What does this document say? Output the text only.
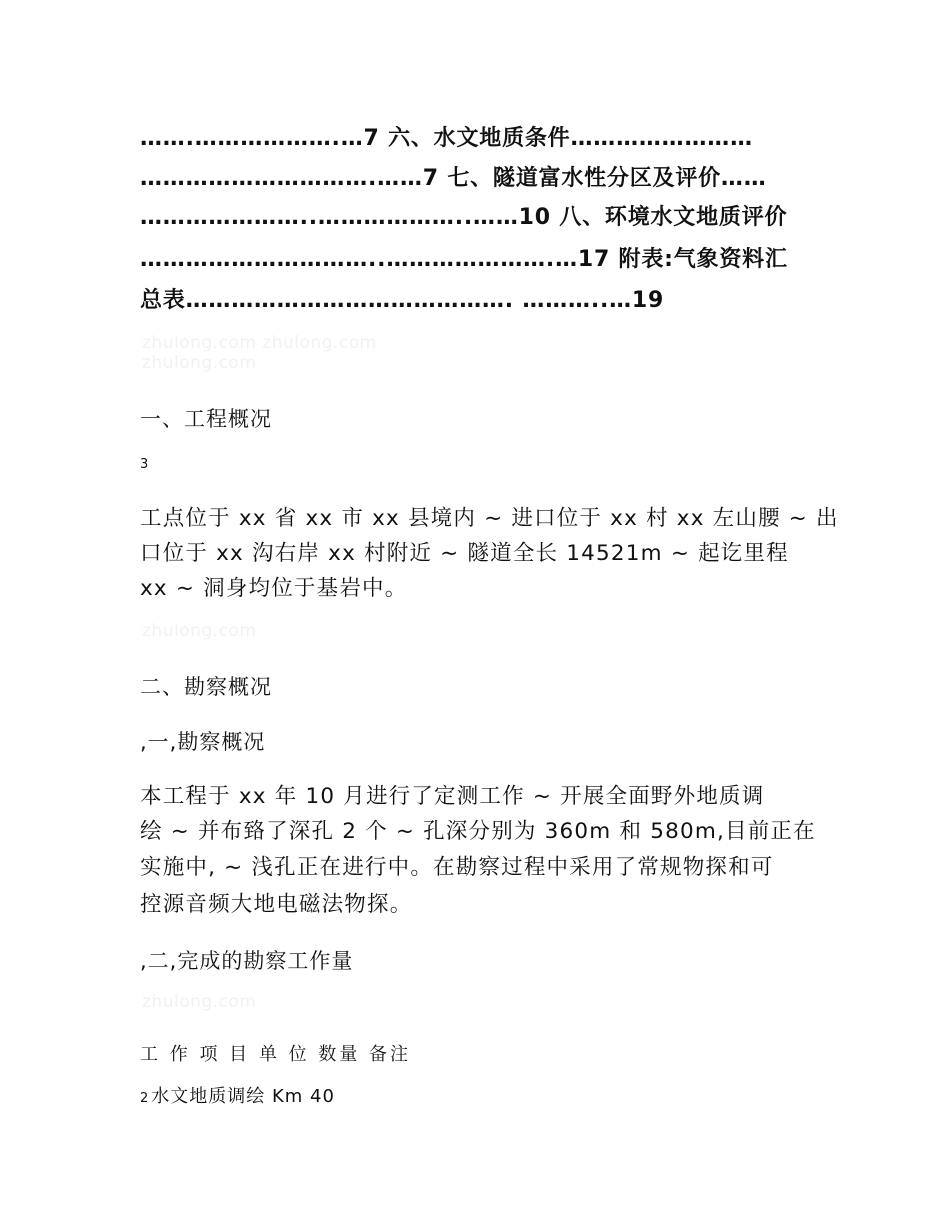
…….……………….…7 六、水文地质条件……………………
………………………….……7 七、隧道富水性分区及评价……
…………………..………………..……10 八、环境水文地质评价
…………………………..………………….…17 附表:气象资料汇
总表……………………………………. ………..…19
zhulong.com zhulong.com
zhulong.com
一、工程概况
3
工点位于 xx 省 xx 市 xx 县境内 ~ 进口位于 xx 村 xx 左山腰 ~ 出
口位于 xx 沟右岸 xx 村附近 ~ 隧道全长 14521m ~ 起讫里程
xx ~ 洞身均位于基岩中。
zhulong.com
二、勘察概况
,一,勘察概况
本工程于 xx 年 10 月进行了定测工作 ~ 开展全面野外地质调
绘 ~ 并布臵了深孔 2 个 ~ 孔深分别为 360m 和 580m,目前正在
实施中, ~ 浅孔正在进行中。在勘察过程中采用了常规物探和可
控源音频大地电磁法物探。
,二,完成的勘察工作量
zhulong.com
工 作 项 目 单 位 数量 备注
2 水文地质调绘 Km 40
